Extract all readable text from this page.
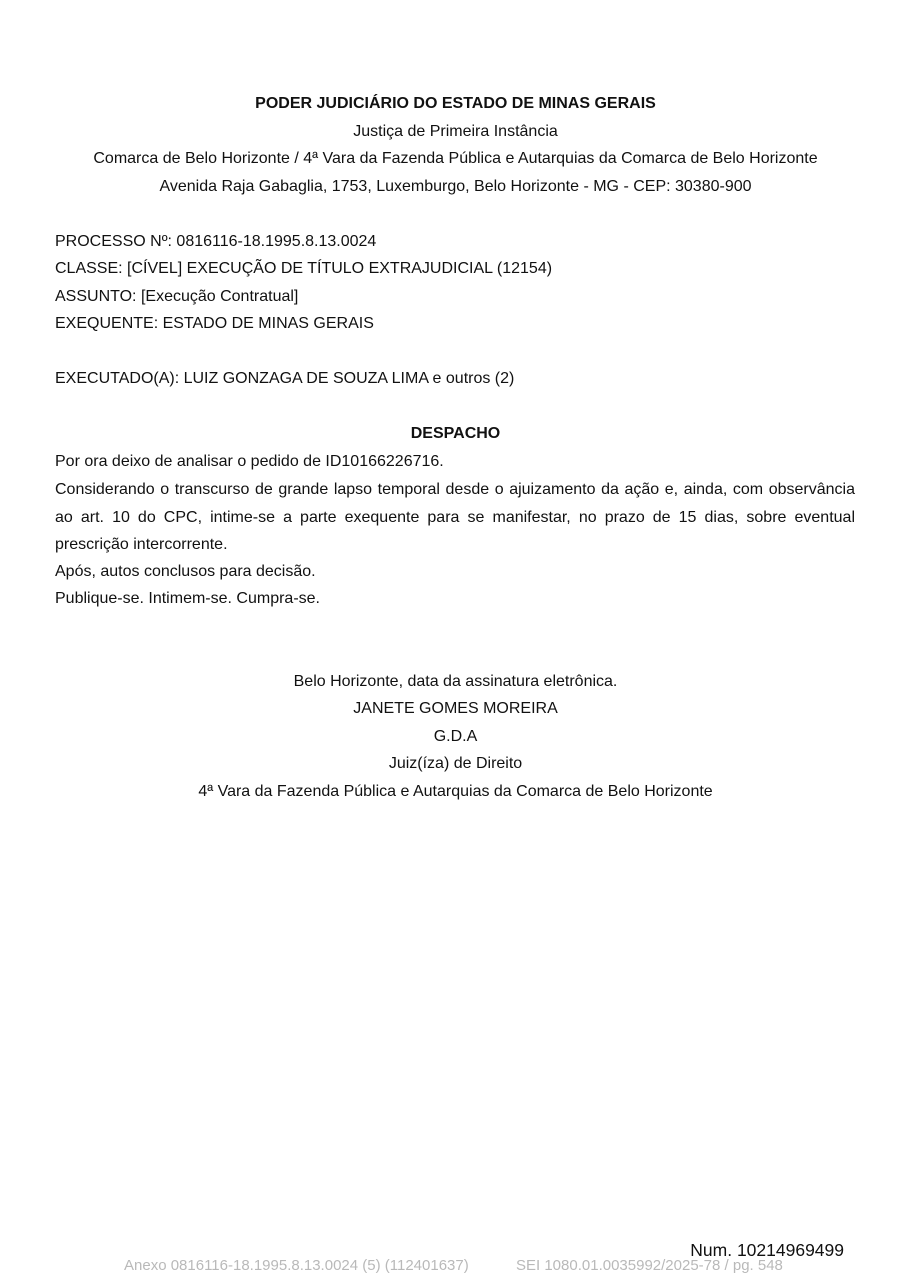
PODER JUDICIÁRIO DO ESTADO DE MINAS GERAIS
Justiça de Primeira Instância
Comarca de Belo Horizonte / 4ª Vara da Fazenda Pública e Autarquias da Comarca de Belo Horizonte
Avenida Raja Gabaglia, 1753, Luxemburgo, Belo Horizonte - MG - CEP: 30380-900
PROCESSO Nº: 0816116-18.1995.8.13.0024
CLASSE: [CÍVEL] EXECUÇÃO DE TÍTULO EXTRAJUDICIAL (12154)
ASSUNTO: [Execução Contratual]
EXEQUENTE: ESTADO DE MINAS GERAIS
EXECUTADO(A): LUIZ GONZAGA DE SOUZA LIMA e outros (2)
DESPACHO
Por ora deixo de analisar o pedido de ID10166226716.
Considerando o transcurso de grande lapso temporal desde o ajuizamento da ação e, ainda, com observância ao art. 10 do CPC, intime-se a parte exequente para se manifestar, no prazo de 15 dias, sobre eventual prescrição intercorrente.
Após, autos conclusos para decisão.
Publique-se. Intimem-se. Cumpra-se.
Belo Horizonte, data da assinatura eletrônica.
JANETE GOMES MOREIRA
G.D.A
Juiz(íza) de Direito
4ª Vara da Fazenda Pública e Autarquias da Comarca de Belo Horizonte
Num. 10214969499
Anexo 0816116-18.1995.8.13.0024 (5) (112401637)	SEI 1080.01.0035992/2025-78 / pg. 548
